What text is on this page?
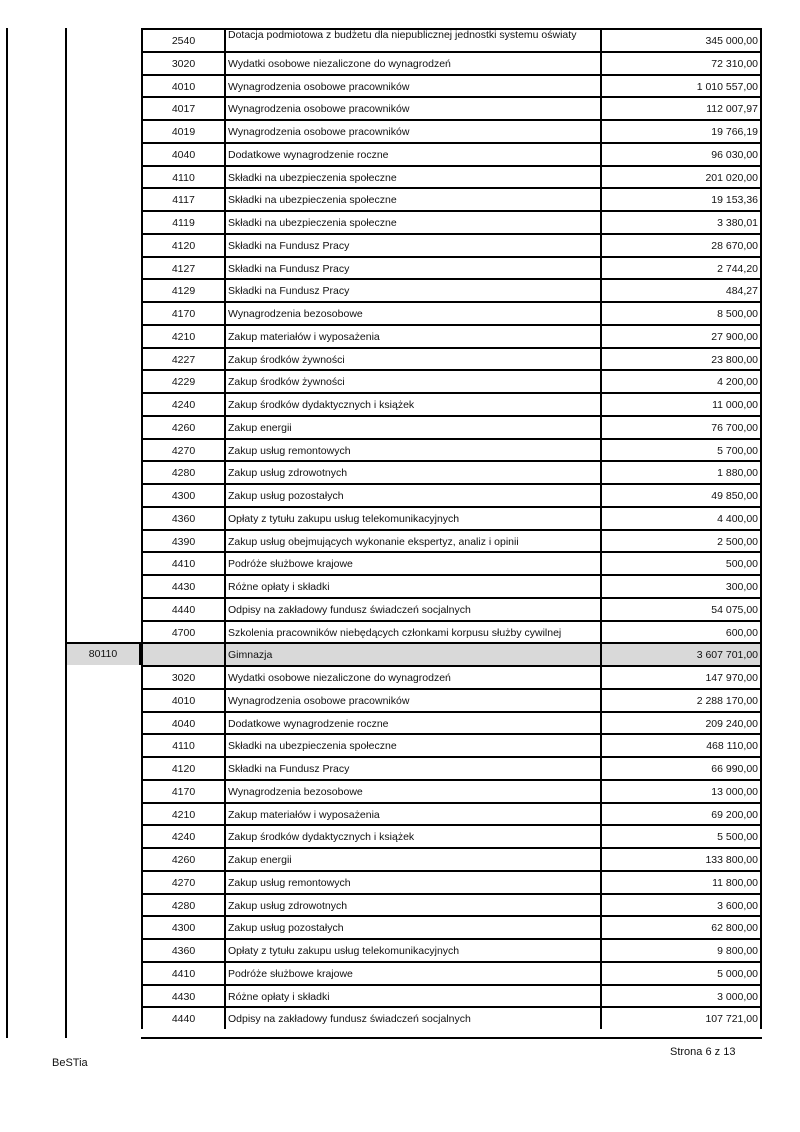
2540	Dotacja podmiotowa z budżetu dla niepublicznej jednostki systemu oświaty	345 000,00
3020	Wydatki osobowe niezaliczone do wynagrodzeń	72 310,00
4010	Wynagrodzenia osobowe pracowników	1 010 557,00
4017	Wynagrodzenia osobowe pracowników	112 007,97
4019	Wynagrodzenia osobowe pracowników	19 766,19
4040	Dodatkowe wynagrodzenie roczne	96 030,00
4110	Składki na ubezpieczenia społeczne	201 020,00
4117	Składki na ubezpieczenia społeczne	19 153,36
4119	Składki na ubezpieczenia społeczne	3 380,01
4120	Składki na Fundusz Pracy	28 670,00
4127	Składki na Fundusz Pracy	2 744,20
4129	Składki na Fundusz Pracy	484,27
4170	Wynagrodzenia bezosobowe	8 500,00
4210	Zakup materiałów i wyposażenia	27 900,00
4227	Zakup środków żywności	23 800,00
4229	Zakup środków żywności	4 200,00
4240	Zakup środków dydaktycznych i książek	11 000,00
4260	Zakup energii	76 700,00
4270	Zakup usług remontowych	5 700,00
4280	Zakup usług zdrowotnych	1 880,00
4300	Zakup usług pozostałych	49 850,00
4360	Opłaty z tytułu zakupu usług telekomunikacyjnych	4 400,00
4390	Zakup usług obejmujących wykonanie ekspertyz, analiz i opinii	2 500,00
4410	Podróże służbowe krajowe	500,00
4430	Różne opłaty i składki	300,00
4440	Odpisy na zakładowy fundusz świadczeń socjalnych	54 075,00
4700	Szkolenia pracowników niebędących członkami korpusu służby cywilnej	600,00
80110	Gimnazja	3 607 701,00
3020	Wydatki osobowe niezaliczone do wynagrodzeń	147 970,00
4010	Wynagrodzenia osobowe pracowników	2 288 170,00
4040	Dodatkowe wynagrodzenie roczne	209 240,00
4110	Składki na ubezpieczenia społeczne	468 110,00
4120	Składki na Fundusz Pracy	66 990,00
4170	Wynagrodzenia bezosobowe	13 000,00
4210	Zakup materiałów i wyposażenia	69 200,00
4240	Zakup środków dydaktycznych i książek	5 500,00
4260	Zakup energii	133 800,00
4270	Zakup usług remontowych	11 800,00
4280	Zakup usług zdrowotnych	3 600,00
4300	Zakup usług pozostałych	62 800,00
4360	Opłaty z tytułu zakupu usług telekomunikacyjnych	9 800,00
4410	Podróże służbowe krajowe	5 000,00
4430	Różne opłaty i składki	3 000,00
4440	Odpisy na zakładowy fundusz świadczeń socjalnych	107 721,00
BeSTia
Strona 6 z 13
